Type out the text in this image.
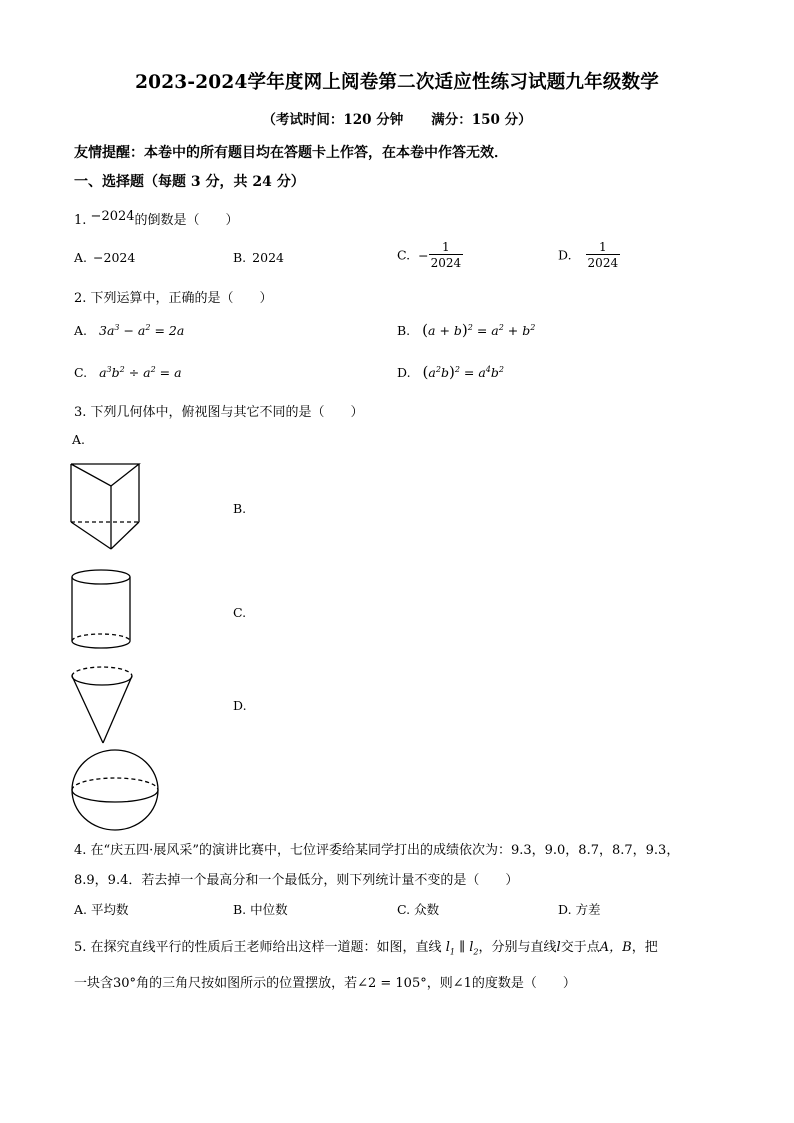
2023-2024学年度网上阅卷第二次适应性练习试题九年级数学
（考试时间：120 分钟 满分：150 分）
友情提醒：本卷中的所有题目均在答题卡上作答，在本卷中作答无效．
一、选择题（每题 3 分，共 24 分）
1. −2024的倒数是（　　）
A. −2024	B. 2024	C. − $\frac{1}{2024}$	D. $\frac{1}{2024}$
2. 下列运算中，正确的是（　　）
A. $3a^3 - a^2 = 2a$	B. $(a + b)^2 = a^2 + b^2$
C. $a^3b^2 \div a^2 = a$	D. $(a^2b)^2 = a^4b^2$
3. 下列几何体中，俯视图与其它不同的是（　　）
A.
B.
C.
D.
4. 在“庆五四·展风采”的演讲比赛中，七位评委给某同学打出的成绩依次为：9.3，9.0，8.7，8.7，9.3，
8.9，9.4．若去掉一个最高分和一个最低分，则下列统计量不变的是（　　）
A. 平均数	B. 中位数	C. 众数	D. 方差
5. 在探究直线平行的性质后王老师给出这样一道题：如图，直线 $l_1$ ∥ $l_2$，分别与直线l交于点A，B，把
一块含30°角的三角尺按如图所示的位置摆放，若∠2 = 105°，则∠1的度数是（　　）
